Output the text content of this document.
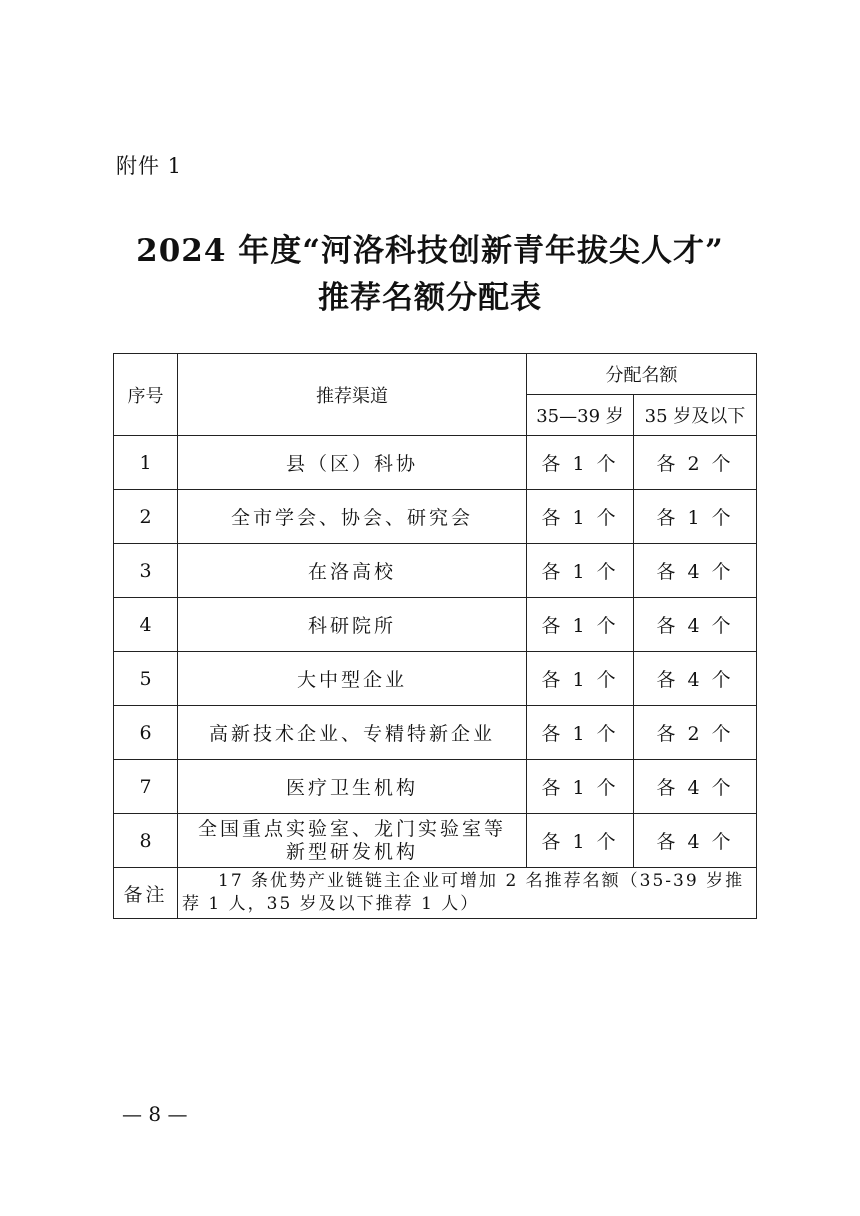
附件 1
2024 年度“河洛科技创新青年拔尖人才”
推荐名额分配表
序号	推荐渠道	分配名额	
		35—39 岁	35 岁及以下
1	县（区）科协	各 1 个	各 2 个
2	全市学会、协会、研究会	各 1 个	各 1 个
3	在洛高校	各 1 个	各 4 个
4	科研院所	各 1 个	各 4 个
5	大中型企业	各 1 个	各 4 个
6	高新技术企业、专精特新企业	各 1 个	各 2 个
7	医疗卫生机构	各 1 个	各 4 个
8	全国重点实验室、龙门实验室等
新型研发机构	各 1 个	各 4 个
备注	17 条优势产业链链主企业可增加 2 名推荐名额（35-39 岁推荐 1 人，35 岁及以下推荐 1 人）		
— 8 —
